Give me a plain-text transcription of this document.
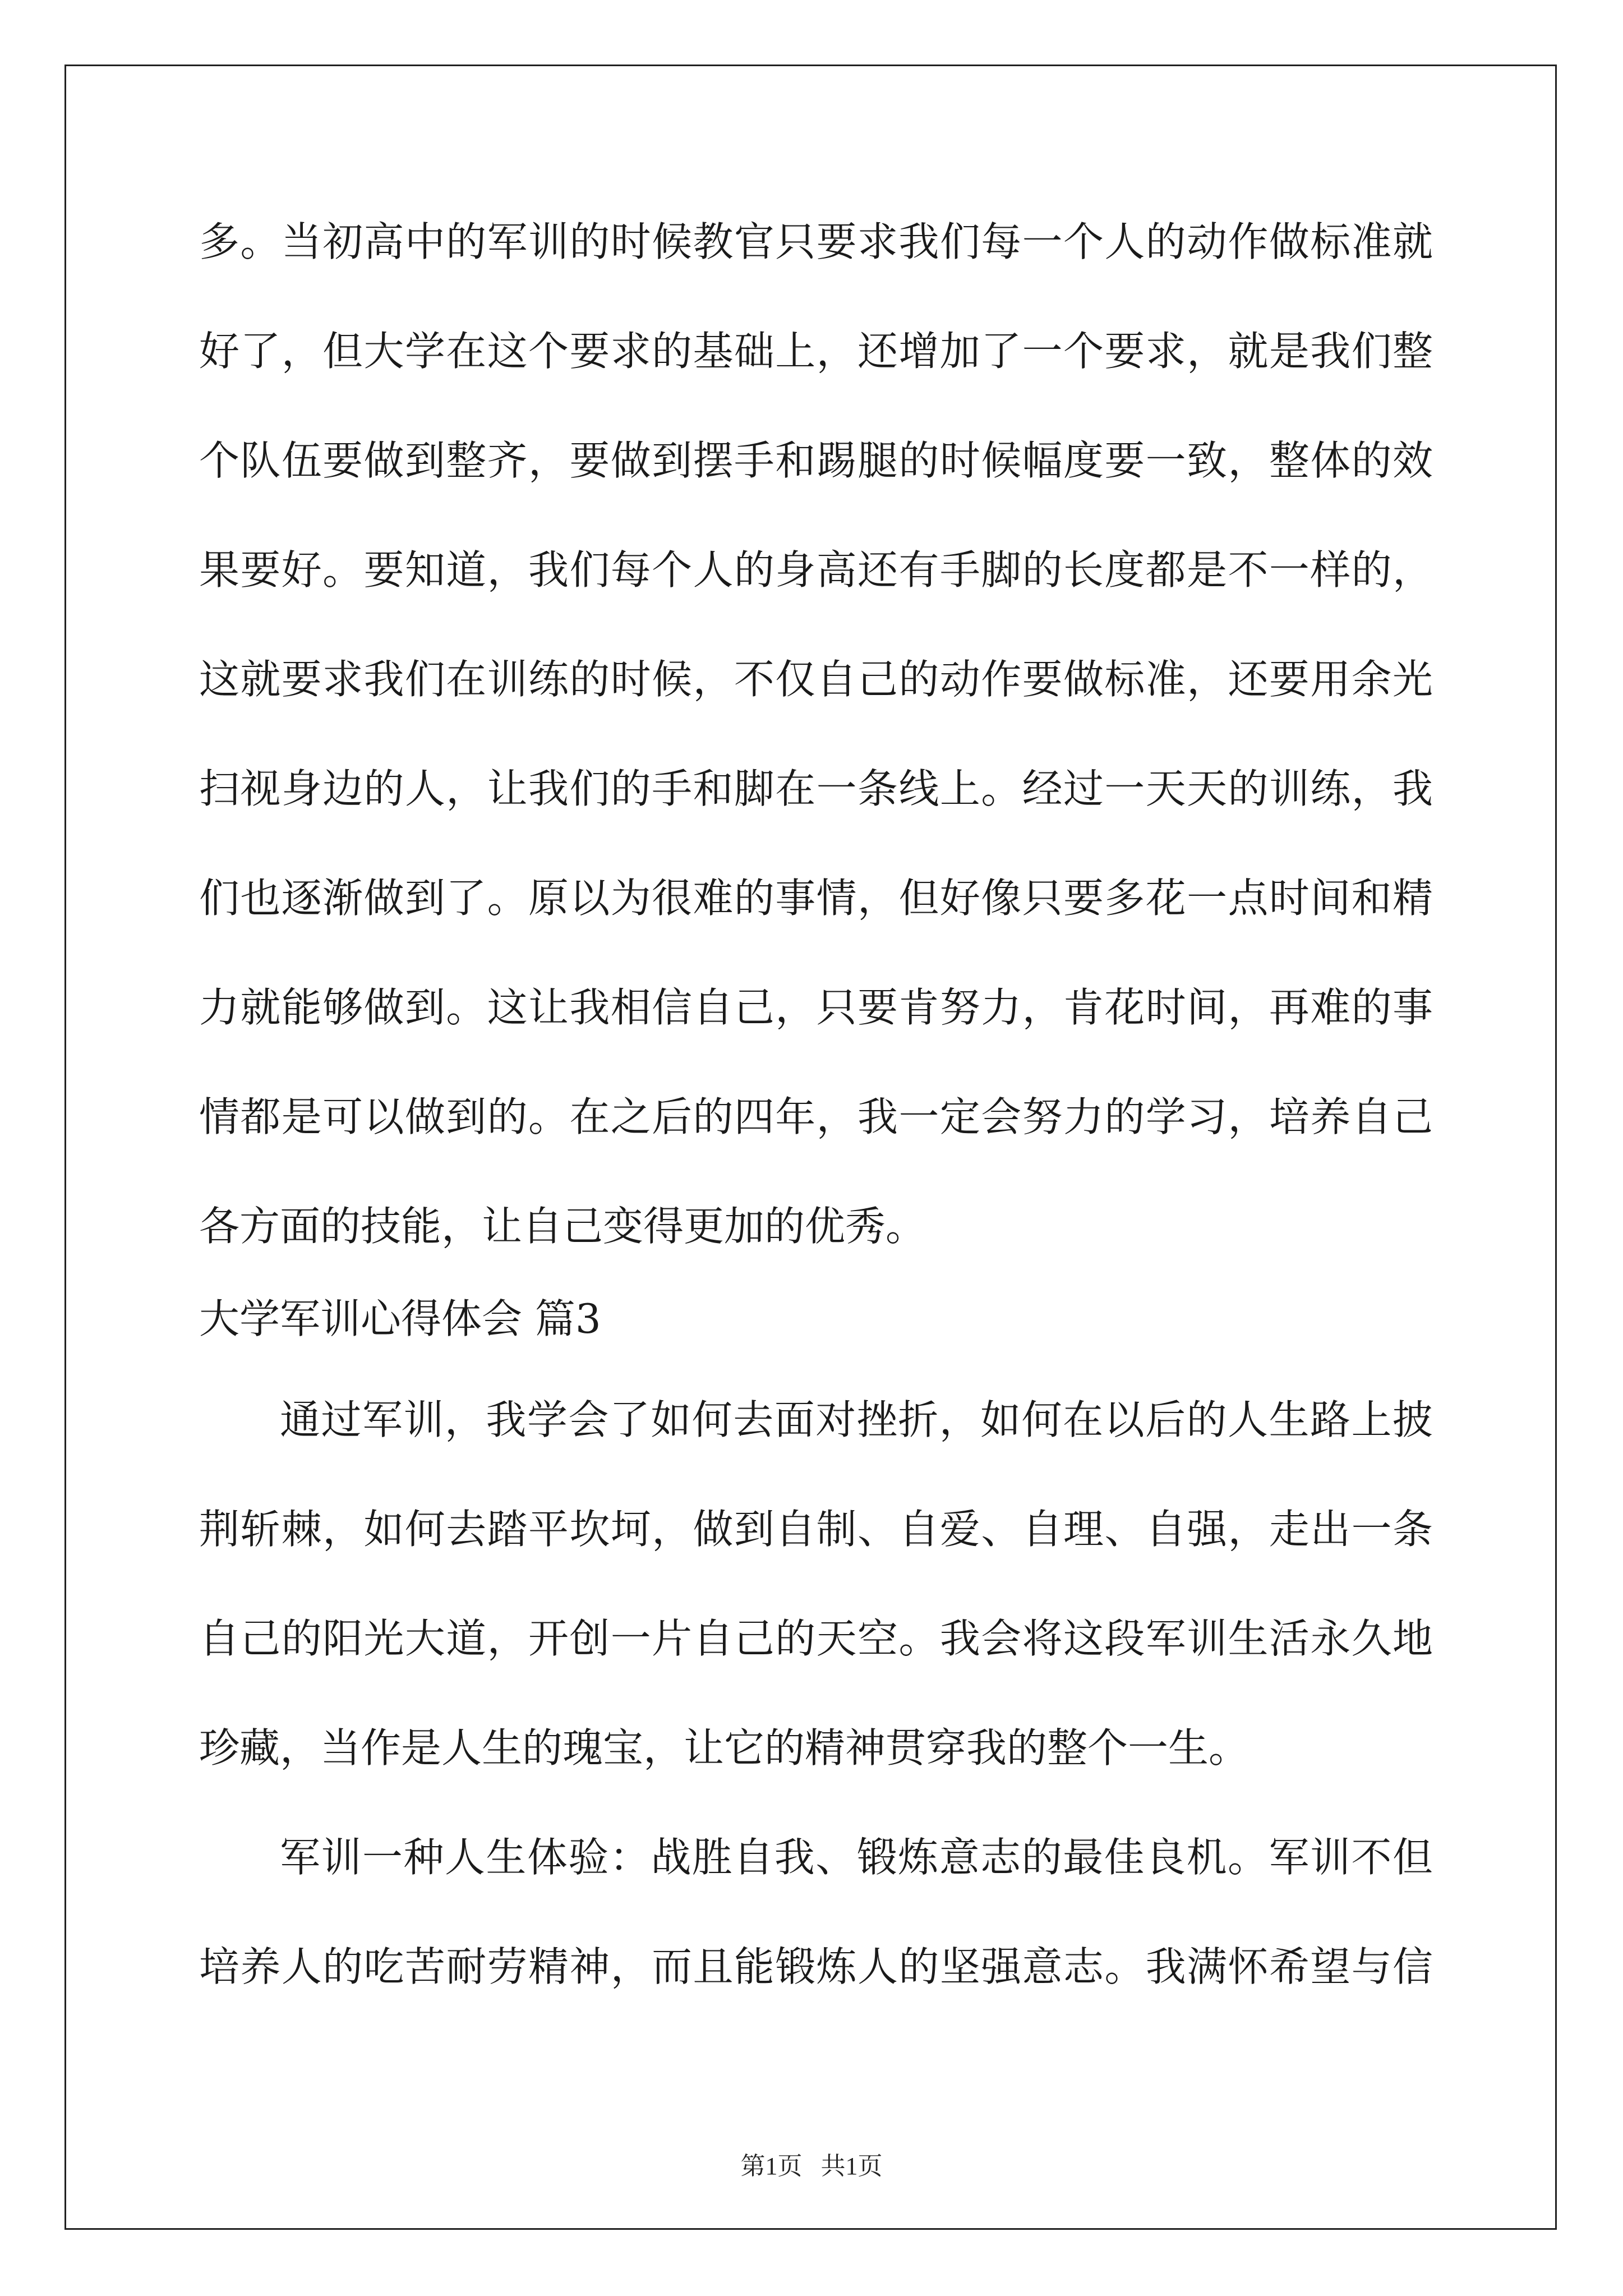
多。当初高中的军训的时候教官只要求我们每一个人的动作做标准就
好了，但大学在这个要求的基础上，还增加了一个要求，就是我们整
个队伍要做到整齐，要做到摆手和踢腿的时候幅度要一致，整体的效
果要好。要知道，我们每个人的身高还有手脚的长度都是不一样的，
这就要求我们在训练的时候，不仅自己的动作要做标准，还要用余光
扫视身边的人，让我们的手和脚在一条线上。经过一天天的训练，我
们也逐渐做到了。原以为很难的事情，但好像只要多花一点时间和精
力就能够做到。这让我相信自己，只要肯努力，肯花时间，再难的事
情都是可以做到的。在之后的四年，我一定会努力的学习，培养自己
各方面的技能，让自己变得更加的优秀。
大学军训心得体会 篇3
通过军训，我学会了如何去面对挫折，如何在以后的人生路上披
荆斩棘，如何去踏平坎坷，做到自制、自爱、自理、自强，走出一条
自己的阳光大道，开创一片自己的天空。我会将这段军训生活永久地
珍藏，当作是人生的瑰宝，让它的精神贯穿我的整个一生。
军训一种人生体验：战胜自我、锻炼意志的最佳良机。军训不但
培养人的吃苦耐劳精神，而且能锻炼人的坚强意志。我满怀希望与信
第1页   共1页
